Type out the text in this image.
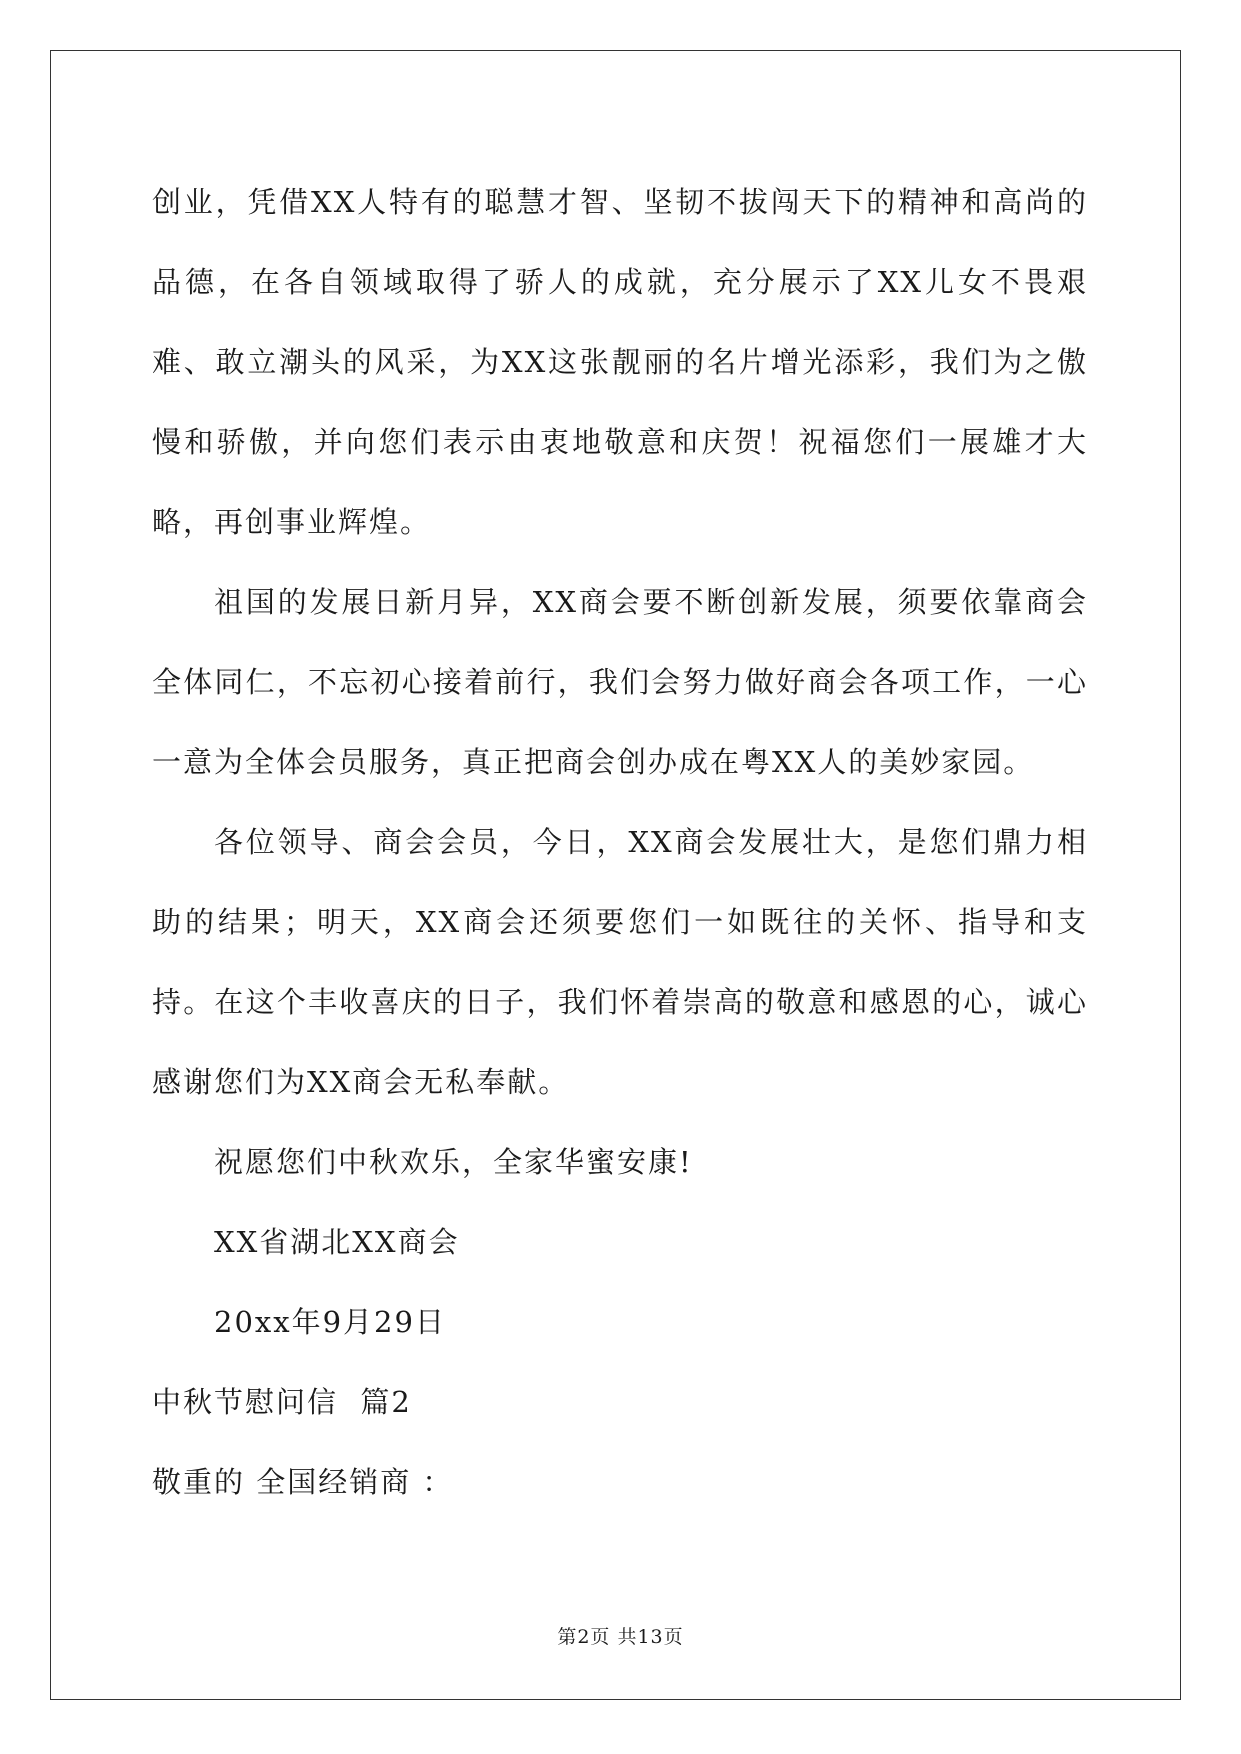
创业，凭借XX人特有的聪慧才智、坚韧不拔闯天下的精神和高尚的品德，在各自领域取得了骄人的成就，充分展示了XX儿女不畏艰难、敢立潮头的风采，为XX这张靓丽的名片增光添彩，我们为之傲慢和骄傲，并向您们表示由衷地敬意和庆贺！祝福您们一展雄才大略，再创事业辉煌。

祖国的发展日新月异，XX商会要不断创新发展，须要依靠商会全体同仁，不忘初心接着前行，我们会努力做好商会各项工作，一心一意为全体会员服务，真正把商会创办成在粤XX人的美妙家园。

各位领导、商会会员，今日，XX商会发展壮大，是您们鼎力相助的结果；明天，XX商会还须要您们一如既往的关怀、指导和支持。在这个丰收喜庆的日子，我们怀着崇高的敬意和感恩的心，诚心感谢您们为XX商会无私奉献。

祝愿您们中秋欢乐，全家华蜜安康!

XX省湖北XX商会

20xx年9月29日

中秋节慰问信  篇2

敬重的 全国经销商 ：

第2页 共13页
